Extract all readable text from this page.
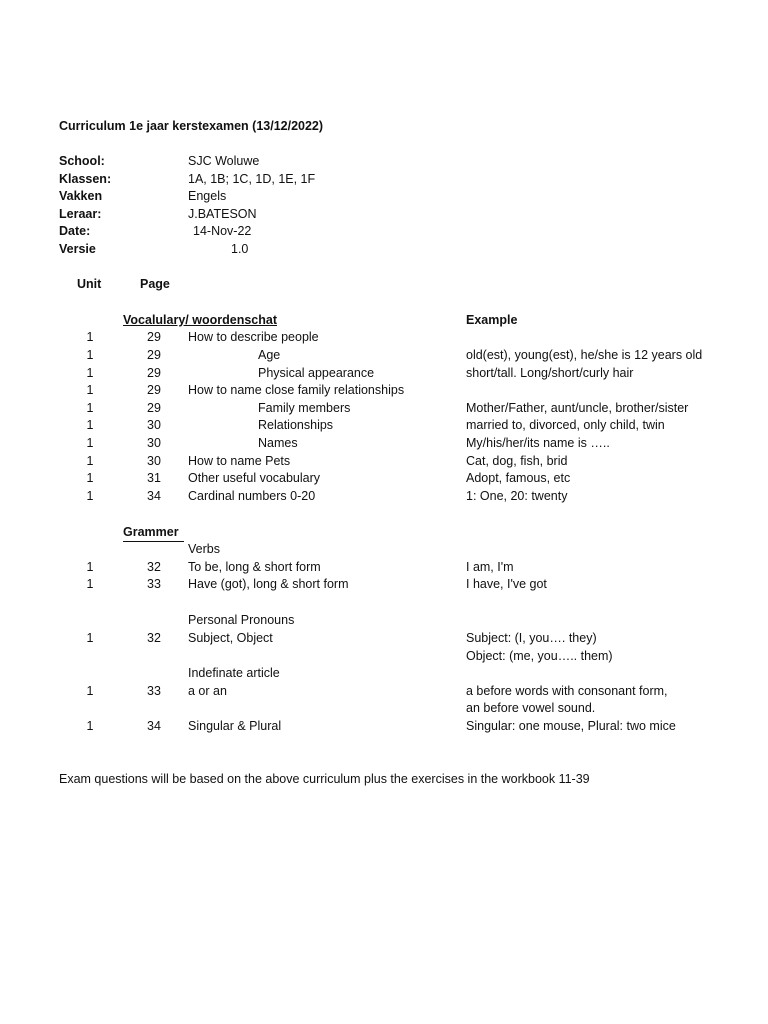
Curriculum 1e jaar kerstexamen (13/12/2022)
School:	SJC Woluwe
Klassen:	1A, 1B; 1C, 1D, 1E, 1F
Vakken	Engels
Leraar:	J.BATESON
Date:	14-Nov-22
Versie	1.0
Unit	Page
Vocalulary/ woordenschat	Example
1	29	How to describe people
1	29	Age	old(est), young(est), he/she is 12 years old
1	29	Physical appearance	short/tall. Long/short/curly hair
1	29	How to name close family relationships
1	29	Family members	Mother/Father, aunt/uncle, brother/sister
1	30	Relationships	married to, divorced, only child, twin
1	30	Names	My/his/her/its name is …..
1	30	How to name Pets	Cat, dog, fish, brid
1	31	Other useful vocabulary	Adopt, famous, etc
1	34	Cardinal numbers 0-20	1: One, 20: twenty
Grammer
Verbs
1	32	To be, long & short form	I am, I'm
1	33	Have (got), long & short form	I have, I've got
Personal Pronouns
1	32	Subject, Object	Subject: (I, you…. they)
Object: (me, you….. them)
Indefinate article
1	33	a or an	a before words with consonant form,
an before vowel sound.
1	34	Singular & Plural	Singular: one mouse, Plural: two mice
Exam questions will be based on the above curriculum plus the exercises in the workbook 11-39
